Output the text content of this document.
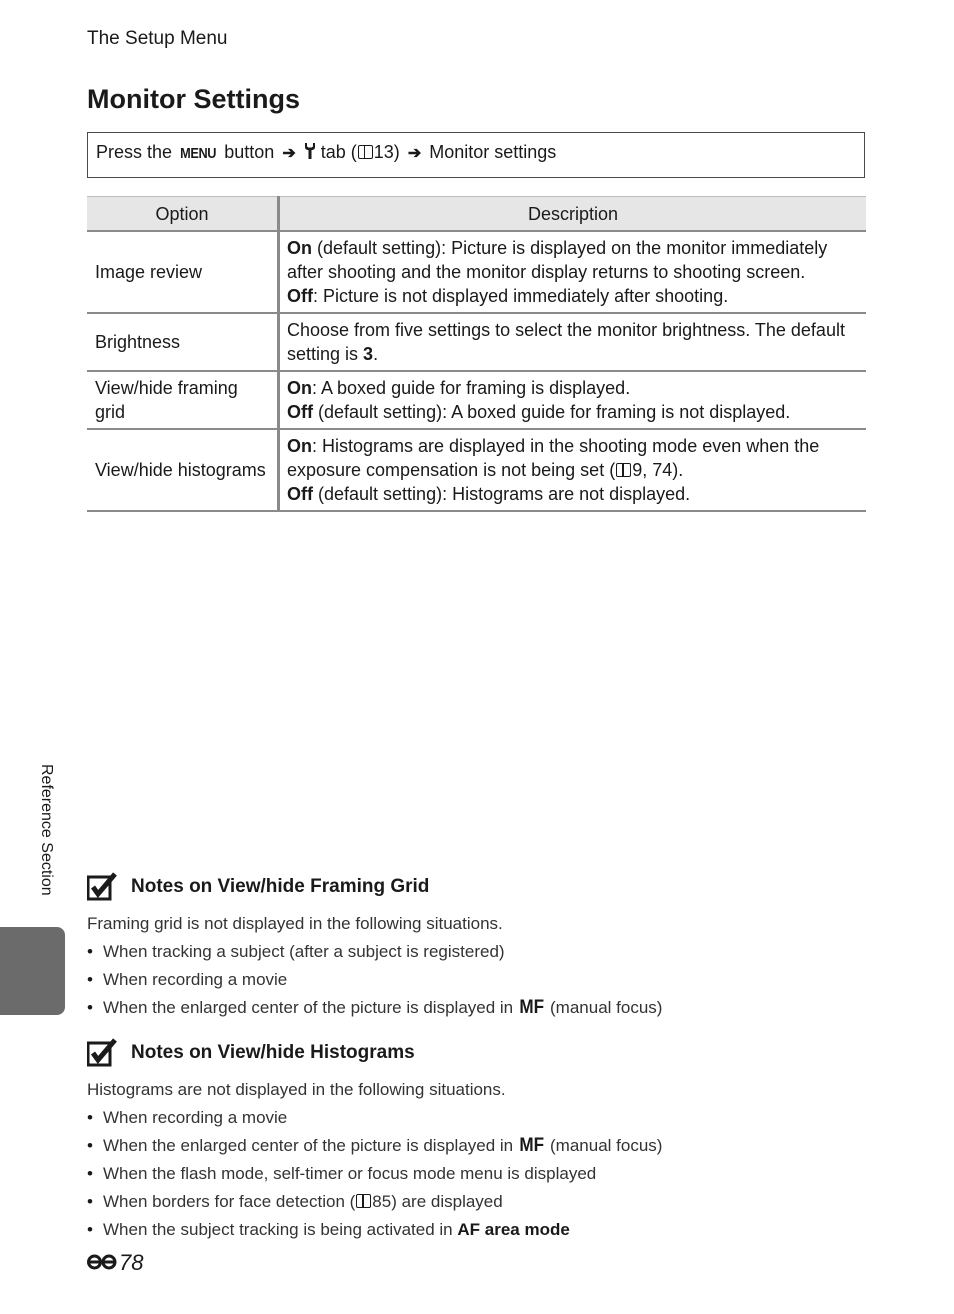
The Setup Menu
Monitor Settings
Press the MENU button ➔ tab ( 13) ➔ Monitor settings
Option	Description
Image review	On (default setting): Picture is displayed on the monitor immediately after shooting and the monitor display returns to shooting screen.
Off: Picture is not displayed immediately after shooting.
Brightness	Choose from five settings to select the monitor brightness. The default setting is 3.
View/hide framing grid	On: A boxed guide for framing is displayed.
Off (default setting): A boxed guide for framing is not displayed.
View/hide histograms	On: Histograms are displayed in the shooting mode even when the exposure compensation is not being set ( 9, 74).
Off (default setting): Histograms are not displayed.
Reference Section	Notes on View/hide Framing Grid

Framing grid is not displayed in the following situations.

• When tracking a subject (after a subject is registered)
• When recording a movie
• When the enlarged center of the picture is displayed in MF (manual focus)
Notes on View/hide Histograms

Histograms are not displayed in the following situations.

• When recording a movie
• When the enlarged center of the picture is displayed in MF (manual focus)
• When the flash mode, self-timer or focus mode menu is displayed
• When borders for face detection ( 85) are displayed
• When the subject tracking is being activated in AF area mode
78
